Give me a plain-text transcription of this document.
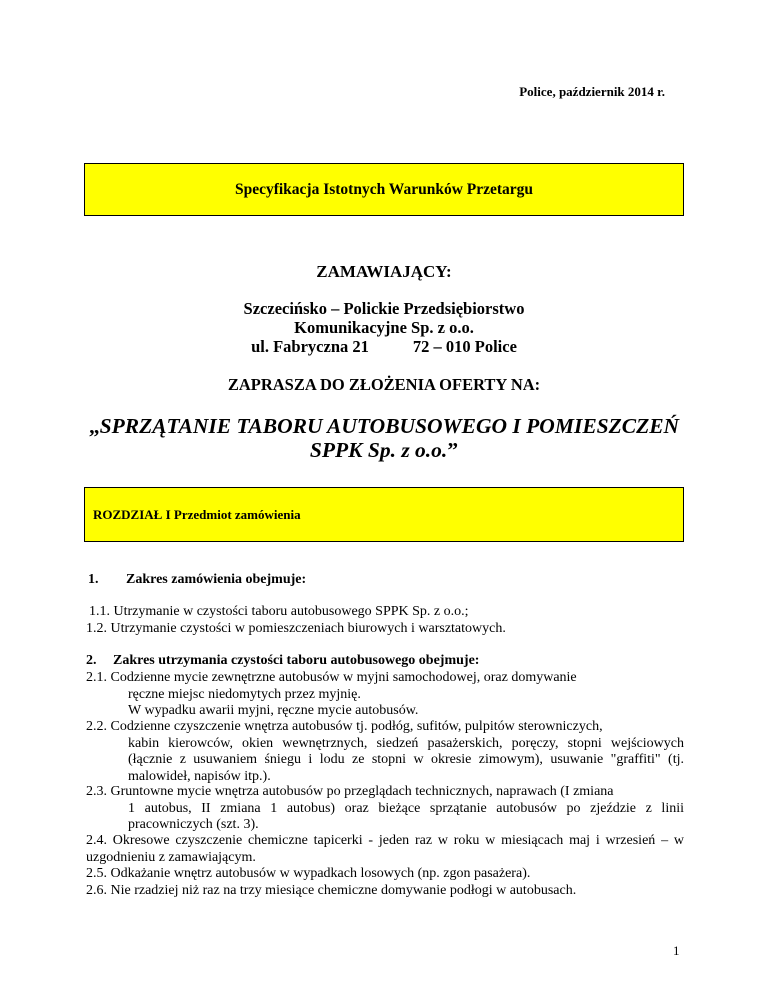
Police, październik 2014 r.
Specyfikacja Istotnych Warunków Przetargu
ZAMAWIAJĄCY:
Szczecińsko – Polickie Przedsiębiorstwo
Komunikacyjne Sp. z o.o.
ul. Fabryczna 21	72 – 010 Police
ZAPRASZA DO ZŁOŻENIA OFERTY NA:
„SPRZĄTANIE TABORU AUTOBUSOWEGO I POMIESZCZEŃ
SPPK Sp. z o.o.”
ROZDZIAŁ I Przedmiot zamówienia
1. Zakres zamówienia obejmuje:
1.1. Utrzymanie w czystości taboru autobusowego SPPK Sp. z o.o.;
1.2. Utrzymanie czystości w pomieszczeniach biurowych i warsztatowych.
2. Zakres utrzymania czystości taboru autobusowego obejmuje:
2.1. Codzienne mycie zewnętrzne autobusów w myjni samochodowej, oraz domywanie
ręczne miejsc niedomytych przez myjnię.
W wypadku awarii myjni, ręczne mycie autobusów.
2.2. Codzienne czyszczenie wnętrza autobusów tj. podłóg, sufitów, pulpitów sterowniczych,
kabin kierowców, okien wewnętrznych, siedzeń pasażerskich, poręczy, stopni wejściowych (łącznie z usuwaniem śniegu i lodu ze stopni w okresie zimowym), usuwanie "graffiti" (tj. malowideł, napisów itp.).
2.3. Gruntowne mycie wnętrza autobusów po przeglądach technicznych, naprawach (I zmiana
1 autobus, II zmiana 1 autobus) oraz bieżące sprzątanie autobusów po zjeździe z linii pracowniczych (szt. 3).
2.4. Okresowe czyszczenie chemiczne tapicerki - jeden raz w roku w miesiącach maj i wrzesień – w uzgodnieniu z zamawiającym.
2.5. Odkażanie wnętrz autobusów w wypadkach losowych (np. zgon pasażera).
2.6. Nie rzadziej niż raz na trzy miesiące chemiczne domywanie podłogi w autobusach.
1
